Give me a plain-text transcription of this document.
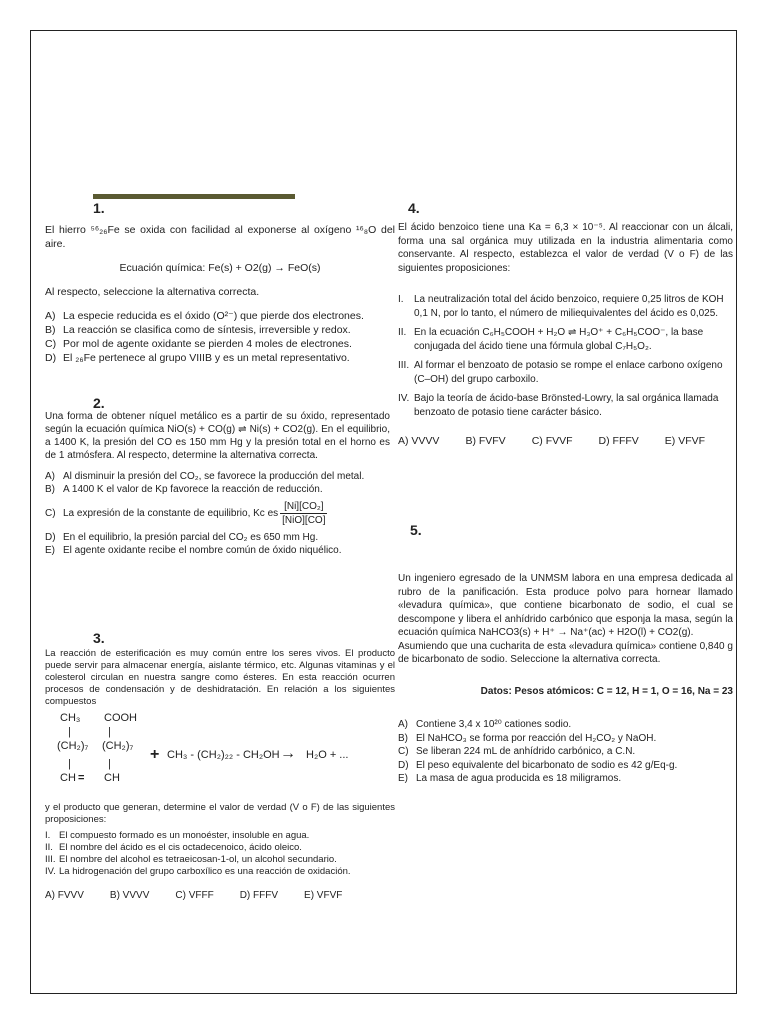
1.

El hierro ⁵⁶₂₆Fe se oxida con facilidad al exponerse al oxígeno ¹⁶₈O del aire.

Ecuación química: Fe(s) + O2(g) → FeO(s)

Al respecto, seleccione la alternativa correcta.

A) La especie reducida es el óxido (O²⁻) que pierde dos electrones.
B) La reacción se clasifica como de síntesis, irreversible y redox.
C) Por mol de agente oxidante se pierden 4 moles de electrones.
D) El ₂₆Fe pertenece al grupo VIIIB y es un metal representativo.
2.

Una forma de obtener níquel metálico es a partir de su óxido, representado según la ecuación química NiO(s) + CO(g) ⇌ Ni(s) + CO2(g). En el equilibrio, a 1400 K, la presión del CO es 150 mm Hg y la presión total en el horno es de 1 atmósfera. Al respecto, determine la alternativa correcta.

A) Al disminuir la presión del CO₂, se favorece la producción del metal.
B) A 1400 K el valor de Kp favorece la reacción de reducción.
C) La expresión de la constante de equilibrio, Kc es $\frac{\text{[Ni][CO₂]}}{\text{[NiO][CO]}}$
D) En el equilibrio, la presión parcial del CO₂ es 650 mm Hg.
E) El agente oxidante recibe el nombre común de óxido niquélico.
3.

La reacción de esterificación es muy común entre los seres vivos. El producto puede servir para almacenar energía, aislante térmico, etc. Algunas vitaminas y el colesterol circulan en nuestra sangre como ésteres. En esta reacción ocurren procesos de condensación y de deshidratación. En relación a los siguientes compuestos

CH₃ COOH
|	|
(CH₂)₇ (CH₂)₇
|	|
CH = CH
+ CH₃ - (CH₂)₂₂ - CH₂OH → H₂O + ...

y el producto que generan, determine el valor de verdad (V o F) de las siguientes proposiciones:

I. El compuesto formado es un monoéster, insoluble en agua.
II. El nombre del ácido es el cis octadecenoico, ácido oleico.
III. El nombre del alcohol es tetraeicosan-1-ol, un alcohol secundario.
IV. La hidrogenación del grupo carboxílico es una reacción de oxidación.
A) FVVV	B) VVVV	C) VFFF	D) FFFV	E) VFVF
4.

El ácido benzoico tiene una Ka = 6,3 × 10⁻⁵. Al reaccionar con un álcali, forma una sal orgánica muy utilizada en la industria alimentaria como conservante. Al respecto, establezca el valor de verdad (V o F) de las siguientes proposiciones:

I.	La neutralización total del ácido benzoico, requiere 0,25 litros de KOH 0,1 N, por lo tanto, el número de miliequivalentes del ácido es 0,025.
II. En la ecuación C₆H₅COOH + H₂O ⇌ H₃O⁺ + C₆H₅COO⁻, la base conjugada del ácido tiene una fórmula global C₇H₅O₂.
III. Al formar el benzoato de potasio se rompe el enlace carbono oxígeno (C–OH) del grupo carboxilo.
IV. Bajo la teoría de ácido-base Brönsted-Lowry, la sal orgánica llamada benzoato de potasio tiene carácter básico.
A) VVVV B) FVFV C) FVVF D) FFFV E) VFVF
5.

Un ingeniero egresado de la UNMSM labora en una empresa dedicada al rubro de la panificación. Esta produce polvo para hornear llamado «levadura química», que contiene bicarbonato de sodio, el cual se descompone y libera el anhídrido carbónico que esponja la masa, según la ecuación química NaHCO3(s) + H⁺ → Na⁺(ac) + H2O(l) + CO2(g).

Asumiendo que una cucharita de esta «levadura química» contiene 0,840 g de bicarbonato de sodio. Seleccione la alternativa correcta.

Datos: Pesos atómicos: C = 12, H = 1, O = 16, Na = 23

A) Contiene 3,4 x 10²⁰ cationes sodio.
B) El NaHCO₃ se forma por reacción del H₂CO₂ y NaOH.
C) Se liberan 224 mL de anhídrido carbónico, a C.N.
D) El peso equivalente del bicarbonato de sodio es 42 g/Eq-g.
E) La masa de agua producida es 18 miligramos.
